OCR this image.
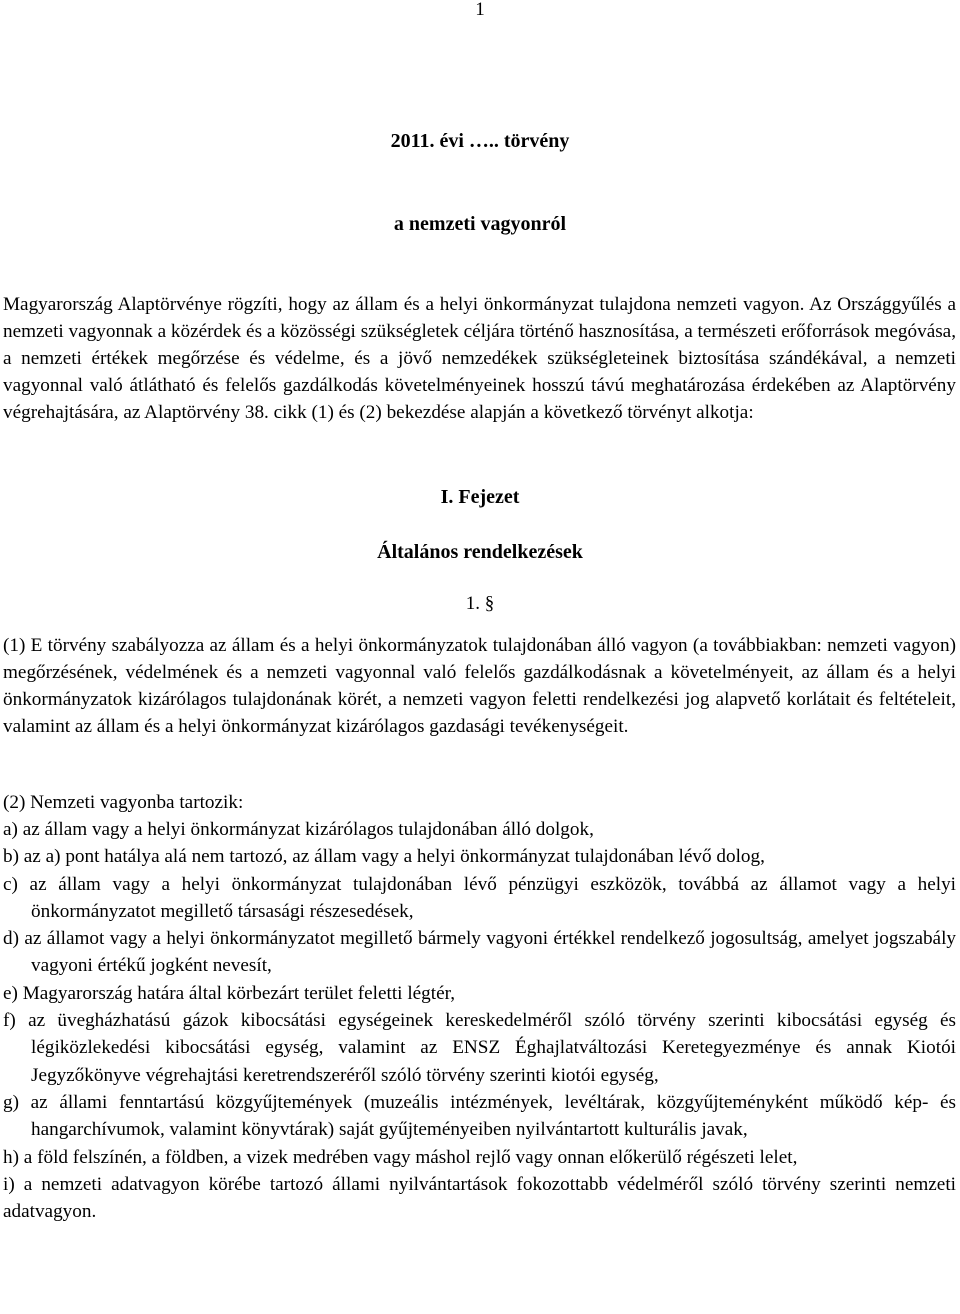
1
2011. évi ….. törvény
a nemzeti vagyonról

Magyarország Alaptörvénye rögzíti, hogy az állam és a helyi önkormányzat tulajdona nemzeti vagyon. Az Országgyűlés a nemzeti vagyonnak a közérdek és a közösségi szükségletek céljára történő hasznosítása, a természeti erőforrások megóvása, a nemzeti értékek megőrzése és védelme, és a jövő nemzedékek szükségleteinek biztosítása szándékával, a nemzeti vagyonnal való átlátható és felelős gazdálkodás követelményeinek hosszú távú meghatározása érdekében az Alaptörvény végrehajtására, az Alaptörvény 38. cikk (1) és (2) bekezdése alapján a következő törvényt alkotja:

I. Fejezet
Általános rendelkezések
1. §

(1) E törvény szabályozza az állam és a helyi önkormányzatok tulajdonában álló vagyon (a továbbiakban: nemzeti vagyon) megőrzésének, védelmének és a nemzeti vagyonnal való felelős gazdálkodásnak a követelményeit, az állam és a helyi önkormányzatok kizárólagos tulajdonának körét, a nemzeti vagyon feletti rendelkezési jog alapvető korlátait és feltételeit, valamint az állam és a helyi önkormányzat kizárólagos gazdasági tevékenységeit.

(2) Nemzeti vagyonba tartozik:

a) az állam vagy a helyi önkormányzat kizárólagos tulajdonában álló dolgok,
b) az a) pont hatálya alá nem tartozó, az állam vagy a helyi önkormányzat tulajdonában lévő dolog,
c) az állam vagy a helyi önkormányzat tulajdonában lévő pénzügyi eszközök, továbbá az államot vagy a helyi önkormányzatot megillető társasági részesedések,
d) az államot vagy a helyi önkormányzatot megillető bármely vagyoni értékkel rendelkező jogosultság, amelyet jogszabály vagyoni értékű jogként nevesít,
e) Magyarország határa által körbezárt terület feletti légtér,
f) az üvegházhatású gázok kibocsátási egységeinek kereskedelméről szóló törvény szerinti kibocsátási egység és légiközlekedési kibocsátási egység, valamint az ENSZ Éghajlatváltozási Keretegyezménye és annak Kiotói Jegyzőkönyve végrehajtási keretrendszeréről szóló törvény szerinti kiotói egység,
g) az állami fenntartású közgyűjtemények (muzeális intézmények, levéltárak, közgyűjteményként működő kép- és hangarchívumok, valamint könyvtárak) saját gyűjteményeiben nyilvántartott kulturális javak,
h) a föld felszínén, a földben, a vizek medrében vagy máshol rejlő vagy onnan előkerülő régészeti lelet,
i) a nemzeti adatvagyon körébe tartozó állami nyilvántartások fokozottabb védelméről szóló törvény szerinti nemzeti adatvagyon.
